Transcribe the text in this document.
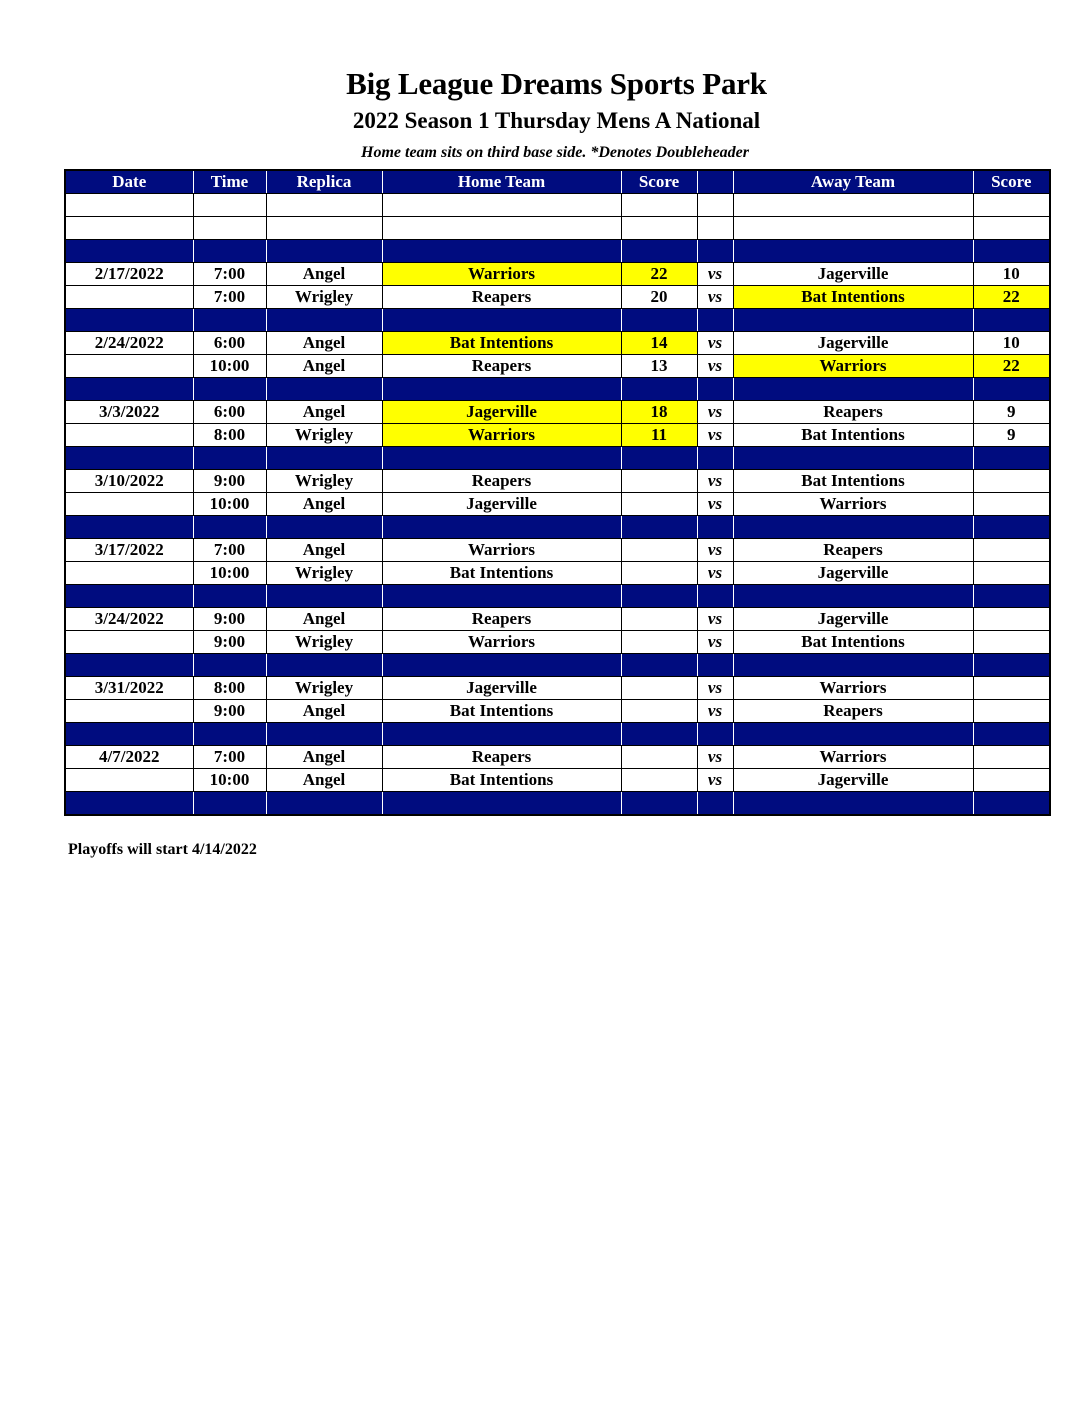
Big League Dreams Sports Park
2022 Season 1 Thursday Mens A National
Home team sits on third base side. *Denotes Doubleheader
Date	Time	Replica	Home Team	Score		Away Team	Score

2/17/2022	7:00	Angel	Warriors	22	vs	Jagerville	10
	7:00	Wrigley	Reapers	20	vs	Bat Intentions	22

2/24/2022	6:00	Angel	Bat Intentions	14	vs	Jagerville	10
	10:00	Angel	Reapers	13	vs	Warriors	22

3/3/2022	6:00	Angel	Jagerville	18	vs	Reapers	9
	8:00	Wrigley	Warriors	11	vs	Bat Intentions	9

3/10/2022	9:00	Wrigley	Reapers		vs	Bat Intentions	
	10:00	Angel	Jagerville		vs	Warriors	

3/17/2022	7:00	Angel	Warriors		vs	Reapers	
	10:00	Wrigley	Bat Intentions		vs	Jagerville	

3/24/2022	9:00	Angel	Reapers		vs	Jagerville	
	9:00	Wrigley	Warriors		vs	Bat Intentions	

3/31/2022	8:00	Wrigley	Jagerville		vs	Warriors	
	9:00	Angel	Bat Intentions		vs	Reapers	

4/7/2022	7:00	Angel	Reapers		vs	Warriors	
	10:00	Angel	Bat Intentions		vs	Jagerville	

Playoffs will start 4/14/2022
